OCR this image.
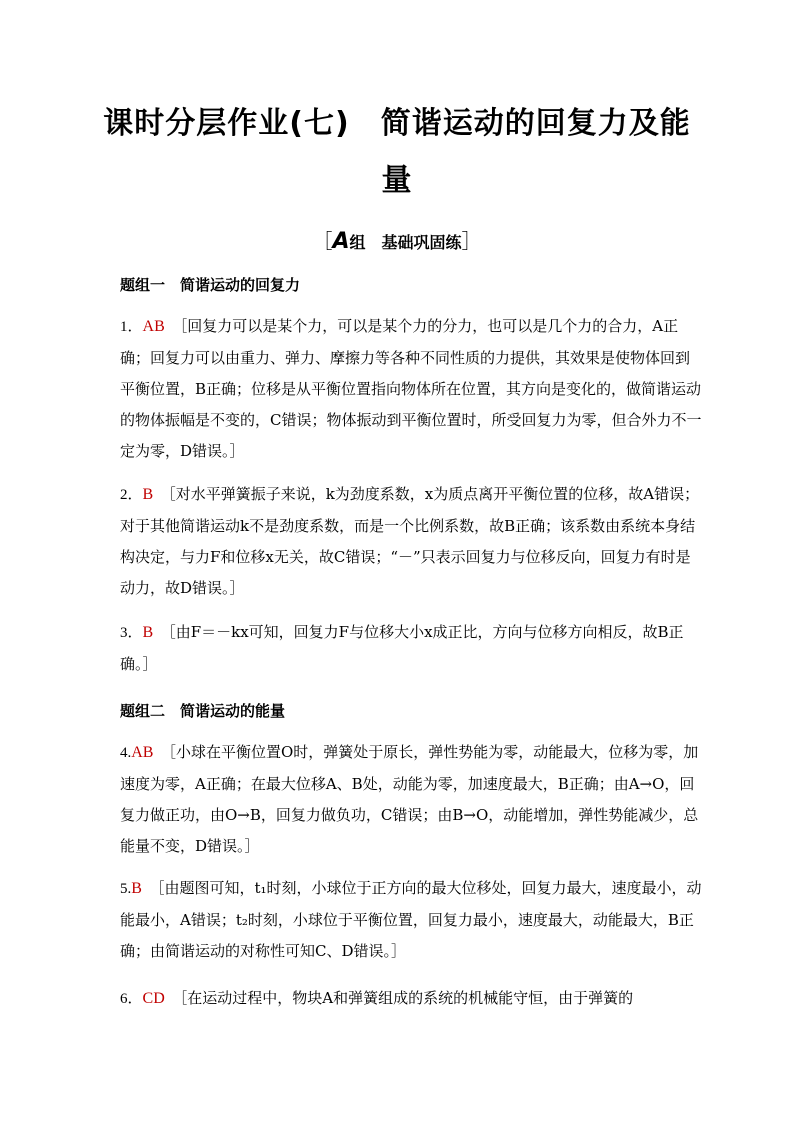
课时分层作业(七)　简谐运动的回复力及能
量
［A组　基础巩固练］
题组一　简谐运动的回复力
1．AB　 ［回复力可以是某个力，可以是某个力的分力，也可以是几个力的合力，A正确；回复力可以由重力、弹力、摩擦力等各种不同性质的力提供，其效果是使物体回到平衡位置，B正确；位移是从平衡位置指向物体所在位置，其方向是变化的，做简谐运动的物体振幅是不变的，C错误；物体振动到平衡位置时，所受回复力为零，但合外力不一定为零，D错误。］
2．B　 ［对水平弹簧振子来说，k为劲度系数，x为质点离开平衡位置的位移，故A错误；对于其他简谐运动k不是劲度系数，而是一个比例系数，故B正确；该系数由系统本身结构决定，与力F和位移x无关，故C错误；“－”只表示回复力与位移反向，回复力有时是动力，故D错误。］
3．B　 ［由F＝－kx可知，回复力F与位移大小x成正比，方向与位移方向相反，故B正确。］
题组二　简谐运动的能量
4.AB　 ［小球在平衡位置O时，弹簧处于原长，弹性势能为零，动能最大，位移为零，加速度为零，A正确；在最大位移A、B处，动能为零，加速度最大，B正确；由A→O，回复力做正功，由O→B，回复力做负功，C错误；由B→O，动能增加，弹性势能减少，总能量不变，D错误。］
5.B　 ［由题图可知，t₁时刻，小球位于正方向的最大位移处，回复力最大，速度最小，动能最小，A错误；t₂时刻，小球位于平衡位置，回复力最小，速度最大，动能最大，B正确；由简谐运动的对称性可知C、D错误。］
6．CD　 ［在运动过程中，物块A和弹簧组成的系统的机械能守恒，由于弹簧的
